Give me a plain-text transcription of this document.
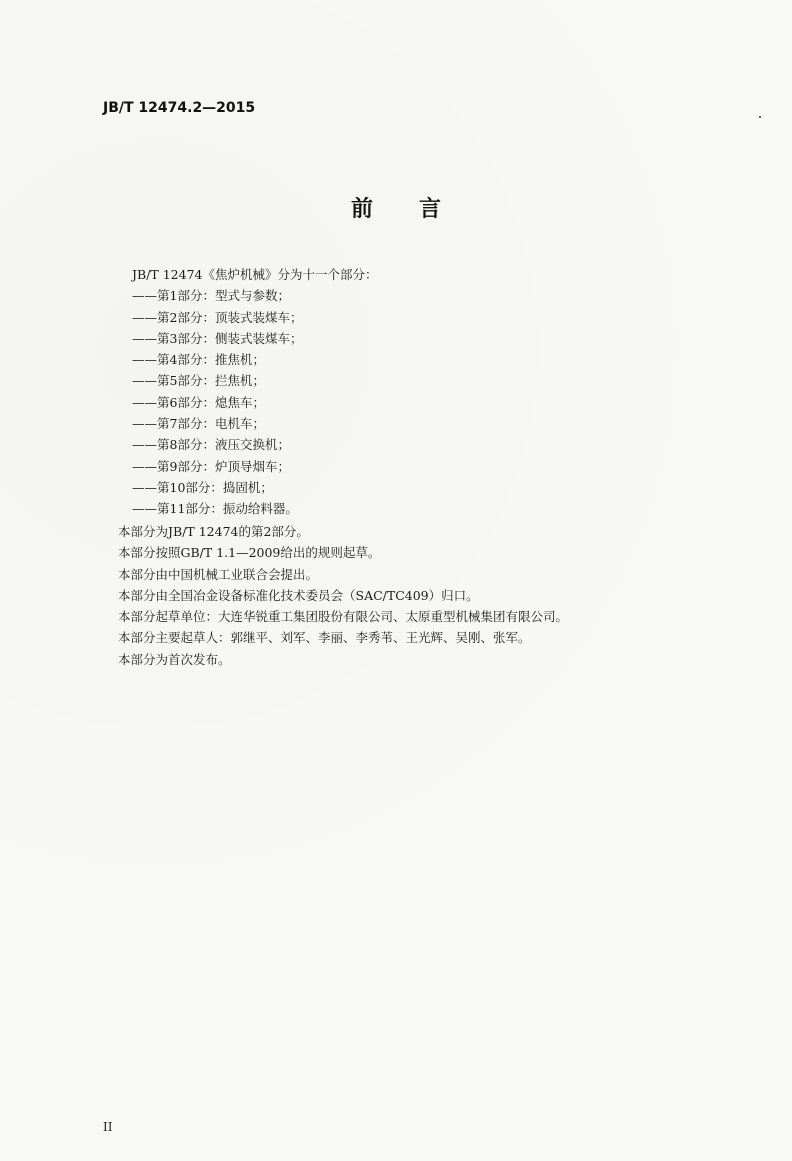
JB/T 12474.2—2015
前 言
JB/T 12474《焦炉机械》分为十一个部分：
——第1部分：型式与参数；
——第2部分：顶装式装煤车；
——第3部分：侧装式装煤车；
——第4部分：推焦机；
——第5部分：拦焦机；
——第6部分：熄焦车；
——第7部分：电机车；
——第8部分：液压交换机；
——第9部分：炉顶导烟车；
——第10部分：捣固机；
——第11部分：振动给料器。
本部分为JB/T 12474的第2部分。
本部分按照GB/T 1.1—2009给出的规则起草。
本部分由中国机械工业联合会提出。
本部分由全国冶金设备标准化技术委员会（SAC/TC409）归口。
本部分起草单位：大连华锐重工集团股份有限公司、太原重型机械集团有限公司。
本部分主要起草人：郭继平、刘军、李丽、李秀苇、王光辉、吴刚、张军。
本部分为首次发布。
II
